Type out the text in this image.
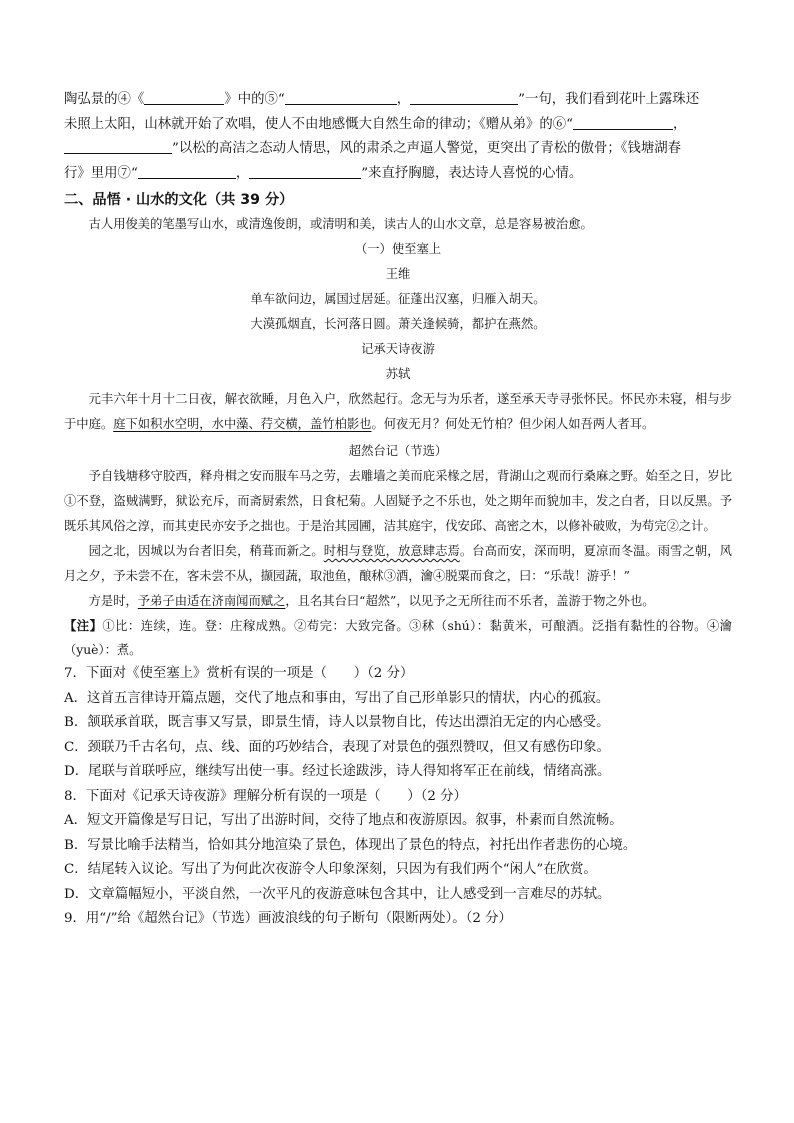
陶弘景的④《	》中的⑤“	，	”一句，我们看到花叶上露珠还

未照上太阳，山林就开始了欢唱，使人不由地感慨大自然生命的律动；《赠从弟》的⑥“	，

”以松的高洁之态动人情思，风的肃杀之声逼人警觉，更突出了青松的傲骨；《钱塘湖春

行》里用⑦“	，	”来直抒胸臆，表达诗人喜悦的心情。

二、品悟 · 山水的文化（共 39 分）

古人用俊美的笔墨写山水，或清逸俊朗，或清明和美，读古人的山水文章，总是容易被治愈。

（一）使至塞上

王维

单车欲问边，属国过居延。征蓬出汉塞，归雁入胡天。

大漠孤烟直，长河落日圆。萧关逢候骑，都护在燕然。

记承天诗夜游

苏轼

元丰六年十月十二日夜，解衣欲睡，月色入户，欣然起行。念无与为乐者，遂至承天寺寻张怀民。怀民亦未寝，相与步于中庭。庭下如积水空明，水中藻、荇交横，盖竹柏影也。何夜无月？何处无竹柏？但少闲人如吾两人者耳。

超然台记（节选）

予自钱塘移守胶西，释舟楫之安而服车马之劳，去雕墙之美而庇采椽之居，背湖山之观而行桑麻之野。始至之日，岁比①不登，盗贼满野，狱讼充斥，而斋厨索然，日食杞菊。人固疑予之不乐也，处之期年而貌加丰，发之白者，日以反黑。予既乐其风俗之淳，而其吏民亦安予之拙也。于是治其园圃，洁其庭宇，伐安邱、高密之木，以修补破败，为苟完②之计。

园之北，因城以为台者旧矣，稍葺而新之。时相与登览，放意肆志焉。台高而安，深而明，夏凉而冬温。雨雪之朝，风月之夕，予未尝不在，客未尝不从，撷园蔬，取池鱼，酿秫③酒，瀹④脱粟而食之，曰：“乐哉！游乎！”

方是时，予弟子由适在济南闻而赋之，且名其台曰“超然”，以见予之无所往而不乐者，盖游于物之外也。

【注】①比：连续，连。登：庄稼成熟。②苟完：大致完备。③秫（shú）：黏黄米，可酿酒。泛指有黏性的谷物。④瀹（yuè）：煮。

7．下面对《使至塞上》赏析有误的一项是（　　）（2 分）

A．这首五言律诗开篇点题，交代了地点和事由，写出了自己形单影只的情状，内心的孤寂。

B．颔联承首联，既言事又写景，即景生情，诗人以景物自比，传达出漂泊无定的内心感受。

C．颈联乃千古名句，点、线、面的巧妙结合，表现了对景色的强烈赞叹，但又有感伤印象。

D．尾联与首联呼应，继续写出使一事。经过长途跋涉，诗人得知将军正在前线，情绪高涨。

8．下面对《记承天诗夜游》理解分析有误的一项是（　　）（2 分）

A．短文开篇像是写日记，写出了出游时间，交待了地点和夜游原因。叙事，朴素而自然流畅。

B．写景比喻手法精当，恰如其分地渲染了景色，体现出了景色的特点，衬托出作者悲伤的心境。

C．结尾转入议论。写出了为何此次夜游令人印象深刻，只因为有我们两个“闲人”在欣赏。

D．文章篇幅短小，平淡自然，一次平凡的夜游意味包含其中，让人感受到一言难尽的苏轼。

9．用“/”给《超然台记》（节选）画波浪线的句子断句（限断两处）。（2 分）
